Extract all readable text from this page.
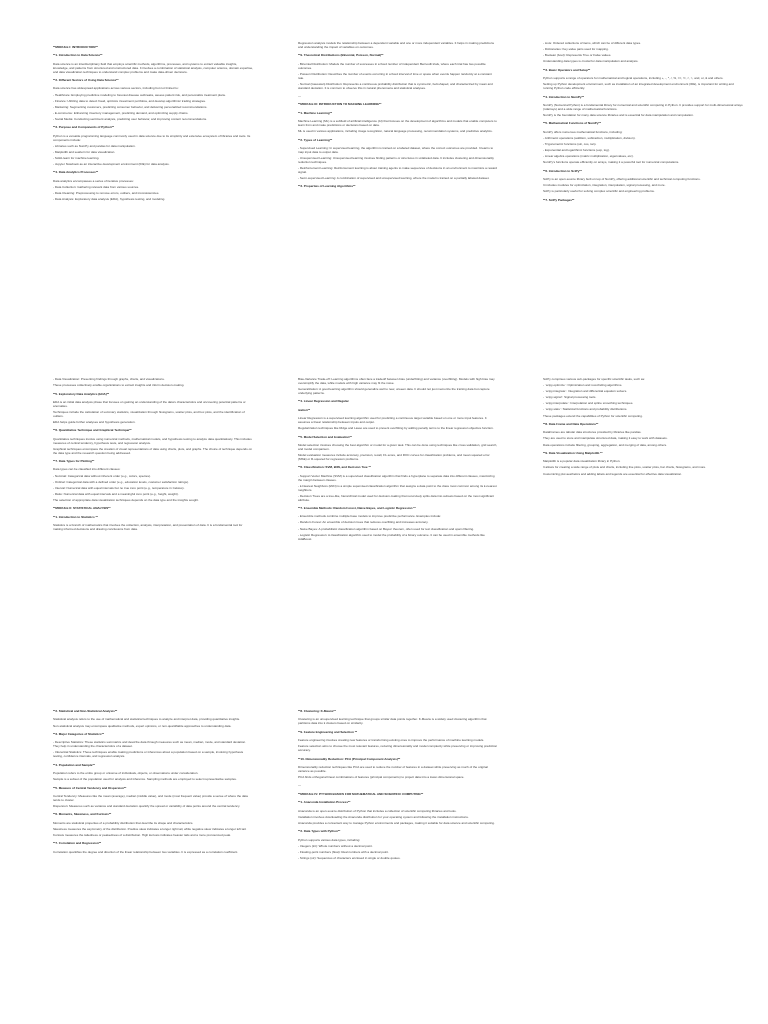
**MODULE I: INTRODUCTION**

**1. Introduction to Data Science**

Data science is an interdisciplinary field that employs scientific methods, algorithms, processes, and systems to extract valuable insights, knowledge, and patterns from structured and unstructured data. It involves a combination of statistical analysis, computer science, domain expertise, and data visualization techniques to understand complex problems and make data-driven decisions.

**2. Different Sectors of Using Data Science**

Data science has widespread applications across various sectors, including but not limited to:

- Healthcare: Employing predictive modeling to forecast disease outbreaks, assess patient risk, and personalize treatment plans.

- Finance: Utilizing data to detect fraud, optimize investment portfolios, and develop algorithmic trading strategies.

- Marketing: Segmenting customers, predicting consumer behavior, and delivering personalized recommendations.

- E-commerce: Enhancing inventory management, predicting demand, and optimizing supply chains.

- Social Media: Conducting sentiment analysis, predicting user behavior, and improving content recommendations.

**3. Purpose and Components of Python**

Python is a versatile programming language commonly used in data science due to its simplicity and extensive ecosystem of libraries and tools. Its components include:

- Libraries such as NumPy and pandas for data manipulation.

- Matplotlib and seaborn for data visualization.

- Scikit-learn for machine learning.

- Jupyter Notebook as an interactive development environment (IDE) for data analysis.

**4. Data Analytics Processes**

Data analytics encompasses a series of iterative processes:

- Data Collection: Gathering relevant data from various sources.

- Data Cleaning: Preprocessing to remove errors, outliers, and inconsistencies.

- Data Analysis: Exploratory data analysis (EDA), hypothesis testing, and modeling.

Regression analysis models the relationship between a dependent variable and one or more independent variables. It helps in making predictions and understanding the impact of variables on outcomes.

**9. Theoretical Distributions (Binomial, Poisson, Normal)**

- Binomial Distribution: Models the number of successes in a fixed number of independent Bernoulli trials, where each trial has two possible outcomes.

- Poisson Distribution: Describes the number of events occurring in a fixed interval of time or space when events happen randomly at a constant rate.

- Normal (Gaussian) Distribution: Represents a continuous probability distribution that is symmetric, bell-shaped, and characterized by mean and standard deviation. It is common to observe this in natural phenomena and statistical analyses.

---

**MODULE III: INTRODUCTION TO MACHINE LEARNING**

**1. Machine Learning**

Machine Learning (ML) is a subfield of artificial intelligence (AI) that focuses on the development of algorithms and models that enable computers to learn from and make predictions or decisions based on data.

ML is used in various applications, including image recognition, natural language processing, recommendation systems, and predictive analytics.

**2. Types of Learning**

- Supervised Learning: In supervised learning, the algorithm is trained on a labeled dataset, where the correct outcomes are provided. It learns to map input data to output data.

- Unsupervised Learning: Unsupervised learning involves finding patterns or structures in unlabeled data. It includes clustering and dimensionality reduction techniques.

- Reinforcement Learning: Reinforcement learning is about training agents to make sequences of decisions in an environment to maximize a reward signal.

- Semi-supervised Learning: A combination of supervised and unsupervised learning, where the model is trained on a partially labeled dataset.

**3. Properties of Learning Algorithms**

- Lists: Ordered collections of items, which can be of different data types.

- Dictionaries: Key-value pairs used for mapping.

- Boolean (bool): Represents True or False values.

Understanding data types is crucial for data manipulation and analysis.

**3. Basic Operators and Setup**

Python supports a range of operators for mathematical and logical operations, including +, -, *, /, %, ==, !=, <, >, and, or, & and others.

Setting up Python development environment, such as installation of an integrated development environment (IDE), is important for writing and running Python code efficiently.

**4. Introduction to NumPy**

NumPy (Numerical Python) is a fundamental library for numerical and scientific computing in Python. It provides support for multi-dimensional arrays (ndarrays) and a wide range of mathematical functions.

NumPy is the foundation for many data science libraries and is essential for data manipulation and computation.

**5. Mathematical Functions of NumPy**

NumPy offers numerous mathematical functions, including:

- Arithmetic operations (addition, subtraction, multiplication, division).

- Trigonometric functions (sin, cos, tan).

- Exponential and logarithmic functions (exp, log).

- Linear algebra operations (matrix multiplication, eigenvalues, etc).

NumPy's functions operate efficiently on arrays, making it a powerful tool for numerical computations.

**6. Introduction to SciPy**

SciPy is an open-source library built on top of NumPy, offering additional scientific and technical computing functions.

It includes modules for optimization, integration, interpolation, signal processing, and more.

SciPy is particularly useful for solving complex scientific and engineering problems.

**7. SciPy Packages**

- Data Visualization: Presenting findings through graphs, charts, and visualizations.

These processes collectively enable organizations to extract insights and inform decision-making.

**5. Exploratory Data Analytics (EDA)**

EDA is an initial data analysis phase that focuses on gaining an understanding of the data's characteristics and uncovering potential patterns or anomalies.

Techniques include the calculation of summary statistics, visualization through histograms, scatter plots, and box plots, and the identification of outliers.

EDA helps guide further analyses and hypothesis generation.

**6. Quantitative Technique and Graphical Technique**

Quantitative techniques involve using numerical methods, mathematical models, and hypothesis testing to analyze data quantitatively. This includes measures of central tendency, hypothesis tests, and regression analysis.

Graphical techniques encompass the creation of visual representations of data using charts, plots, and graphs. The choice of technique depends on the data type and the research question being addressed.

**7. Data Types for Plotting**

Data types can be classified into different classes:

- Nominal: Categorical data without inherent order (e.g., colors, species).

- Ordinal: Categorical data with a defined order (e.g., education levels, customer satisfaction ratings).

- Interval: Numerical data with equal intervals but no true zero point (e.g., temperature in Celsius).

- Ratio: Numerical data with equal intervals and a meaningful zero point (e.g., height, weight).

The selection of appropriate data visualization techniques depends on the data type and the insights sought.

**MODULE II: STATISTICAL ANALYSIS**

**1. Introduction to Statistics **

Statistics is a branch of mathematics that involves the collection, analysis, interpretation, and presentation of data. It is a fundamental tool for making informed decisions and drawing conclusions from data.

Bias-Variance Trade-off: Learning algorithms often face a tradeoff between bias (underfitting) and variance (overfitting). Models with high bias may oversimplify the data, while models with high variance may fit the noise.

Generalization: A good learning algorithm should generalize well to new, unseen data. It should not just memorize the training data but capture underlying patterns.

**4. Linear Regression and Regular

ization**

Linear Regression is a supervised learning algorithm used for predicting a continuous target variable based on one or more input features. It assumes a linear relationship between inputs and output.

Regularization techniques like Ridge and Lasso are used to prevent overfitting by adding penalty terms to the linear regression objective function.

**5. Model Selection and Evaluation**

Model selection involves choosing the best algorithm or model for a given task. This can be done using techniques like cross-validation, grid search, and model comparison.

Model evaluation measures include accuracy, precision, recall, F1-score, and ROC curves for classification problems, and mean squared error (MSE) or R-squared for regression problems.

**6. Classification: SVM, kNN, and Decision Tree **

- Support Vector Machine (SVM) is a supervised classification algorithm that finds a hyperplane to separate data into different classes, maximizing the margin between classes.

- k-Nearest Neighbors (kNN) is a simple supervised classification algorithm that assigns a data point to the class most common among its k-nearest neighbors.

- Decision Trees are a tree-like, hierarchical model used for decision-making that recursively splits data into subsets based on the most significant attribute.

**7. Ensemble Methods: Random Forest, Naive Bayes, and Logistic Regression **

- Ensemble methods combine multiple base models to improve predictive performance. Examples include:

- Random Forest: An ensemble of decision trees that reduces overfitting and increases accuracy.

- Naive Bayes: A probabilistic classification algorithm based on Bayes' theorem, often used for text classification and spam filtering.

- Logistic Regression: A classification algorithm used to model the probability of a binary outcome. It can be used in ensemble methods like AdaBoost.

SciPy comprises various sub-packages for specific scientific tasks, such as:

- `scipy.optimize`: Optimization and root-finding algorithms.

- `scipy.integrate`: Integration and differential equation solvers.

- `scipy.signal`: Signal processing tools.

- `scipy.interpolate`: Interpolation and spline smoothing techniques.

- `scipy.stats`: Statistical functions and probability distributions.

These packages extend the capabilities of Python for scientific computing.

**8. Data Frame and Data Operations**

DataFrames are tabular data structures provided by libraries like pandas.

They are used to store and manipulate structured data, making it easy to work with datasets.

Data operations include filtering, grouping, aggregation, and merging of data, among others.

**9. Data Visualization Using Matplotlib **

Matplotlib is a popular data visualization library in Python.

It allows for creating a wide range of plots and charts, including line plots, scatter plots, bar charts, histograms, and more.

Customizing plot aesthetics and adding labels and legends are essential for effective data visualization.

**2. Statistical and Non-Statistical Analysis**

Statistical analysis refers to the use of mathematical and statistical techniques to analyze and interpret data, providing quantitative insights.

Non-statistical analysis may encompass qualitative methods, expert opinions, or non-quantifiable approaches to understanding data.

**3. Major Categories of Statistics**

- Descriptive Statistics: These statistics summarize and describe data through measures such as mean, median, mode, and standard deviation. They help in understanding the characteristics of a dataset.

- Inferential Statistics: These techniques enable making predictions or inferences about a population based on a sample, involving hypothesis testing, confidence intervals, and regression analysis.

**4. Population and Sample**

Population refers to the entire group or universe of individuals, objects, or observations under consideration.

Sample is a subset of the population used for analysis and inference. Sampling methods are employed to select representative samples.

**5. Measure of Central Tendency and Dispersion**

Central Tendency: Measures like the mean (average), median (middle value), and mode (most frequent value) provide a sense of where the data tends to cluster.

Dispersion: Measures such as variance and standard deviation quantify the spread or variability of data points around the central tendency.

**6. Moments, Skewness, and Kurtosis**

Moments are statistical properties of a probability distribution that describe its shape and characteristics.

Skewness measures the asymmetry of the distribution. Positive skew indicates a longer right tail, while negative skew indicates a longer left tail.

Kurtosis measures the tailedness or peakedness of a distribution. High kurtosis indicates heavier tails and a more pronounced peak.

**7. Correlation and Regression**

Correlation quantifies the degree and direction of the linear relationship between two variables. It is expressed as a correlation coefficient.

**8. Clustering: K-Means**

Clustering is an unsupervised learning technique that groups similar data points together. K-Means is a widely used clustering algorithm that partitions data into k clusters based on similarity.

**9. Feature Engineering and Selection **

Feature engineering involves creating new features or transforming existing ones to improve the performance of machine learning models.

Feature selection aims to choose the most relevant features, reducing dimensionality and model complexity while preserving or improving prediction accuracy.

**10. Dimensionality Reduction: PCA (Principal Component Analysis)**

Dimensionality reduction techniques like PCA are used to reduce the number of features in a dataset while preserving as much of the original variance as possible.

PCA finds orthogonal linear combinations of features (principal components) to project data into a lower-dimensional space.

---

**MODULE IV: PYTHON BASICS FOR MATHEMATICAL AND SCIENTIFIC COMPUTING**

**1. Anaconda Installation Process**

Anaconda is an open-source distribution of Python that includes a collection of scientific computing libraries and tools.

Installation involves downloading the Anaconda distribution for your operating system and following the installation instructions.

Anaconda provides a convenient way to manage Python environments and packages, making it suitable for data science and scientific computing.

**2. Data Types with Python**

Python supports various data types, including:

- Integers (int): Whole numbers without a decimal point.

- Floating-point numbers (float): Real numbers with a decimal point.

- Strings (str): Sequences of characters enclosed in single or double quotes.
